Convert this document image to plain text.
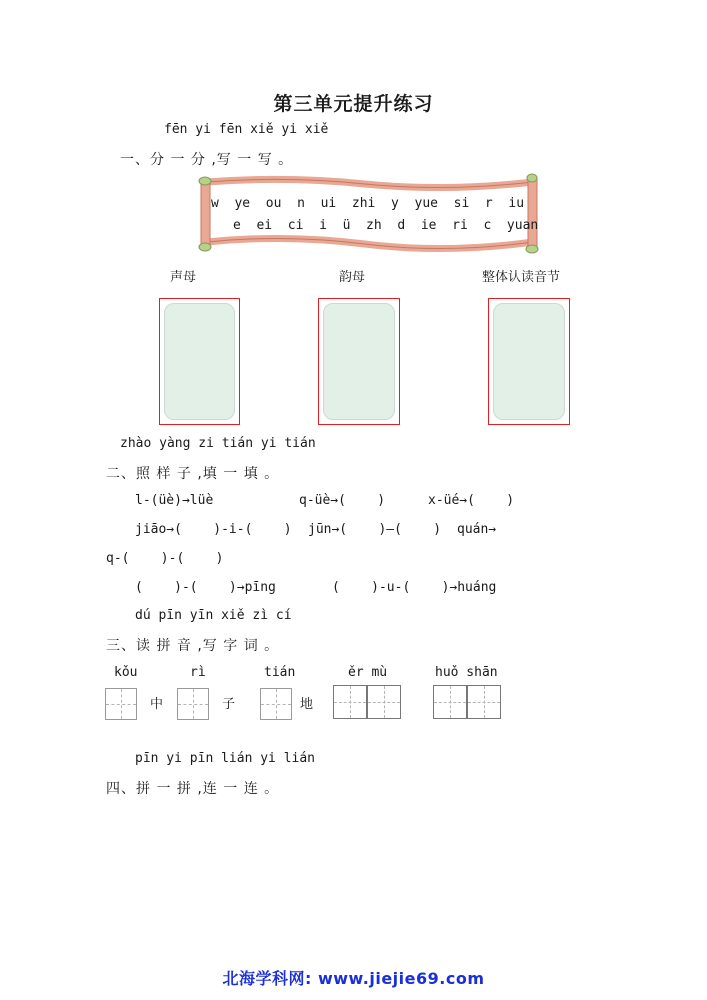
第三单元提升练习
fēn yi fēn xiě yi xiě
一、分 一 分 ,写 一 写 。
w  ye  ou  n  ui  zhi  y  yue  si  r  iu
e  ei  ci  i  ü  zh  d  ie  ri  c  yuan
声母	韵母	整体认读音节
zhào yàng zi tián yi tián
二、照 样 子 ,填 一 填 。
l-(üè)→lüè	q-üè→(    )	x-üé→(    )
jiāo→(    )-i-(    ) jūn→(    )—(    ) quán→
q-(    )-(    )
(    )-(    )→pīng	(    )-u-(    )→huáng
dú pīn yīn xiě zì cí
三、读 拼 音 ,写 字 词 。
kǒu	rì	tián	ěr mù	huǒ shān
中	子	地
pīn yi pīn lián yi lián
四、拼 一 拼 ,连 一 连 。
北海学科网: www.jiejie69.com
